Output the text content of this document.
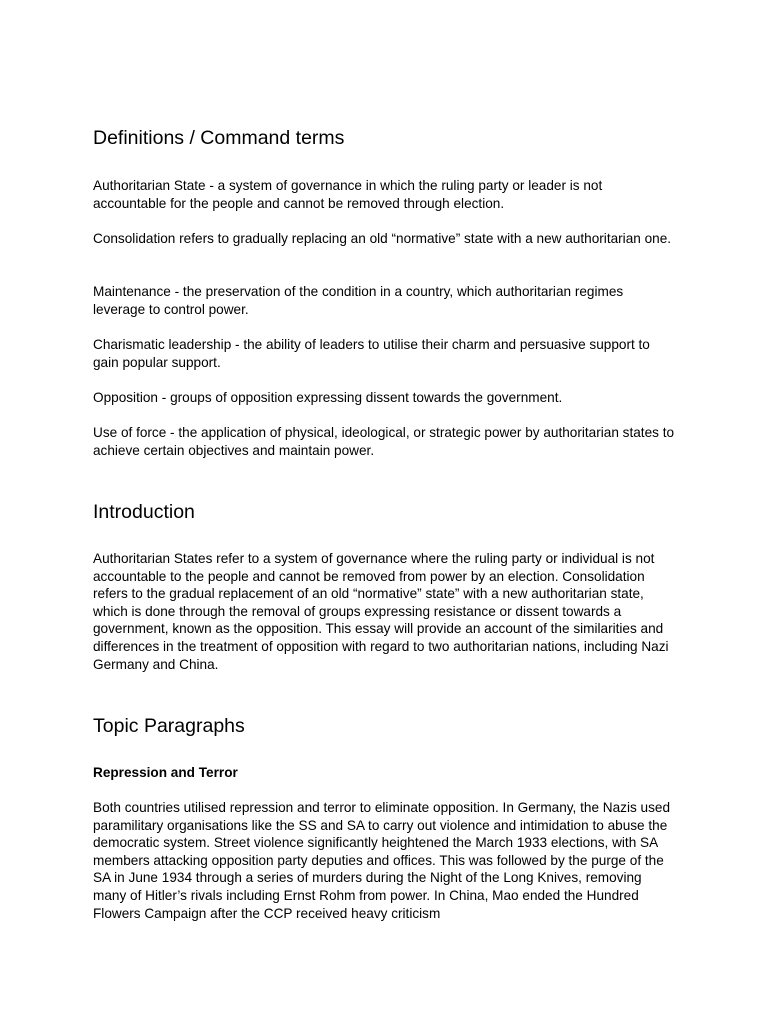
Definitions / Command terms

Authoritarian State - a system of governance in which the ruling party or leader is not accountable for the people and cannot be removed through election.

Consolidation refers to gradually replacing an old “normative” state with a new authoritarian one.

Maintenance - the preservation of the condition in a country, which authoritarian regimes leverage to control power.

Charismatic leadership - the ability of leaders to utilise their charm and persuasive support to gain popular support.

Opposition - groups of opposition expressing dissent towards the government.

Use of force - the application of physical, ideological, or strategic power by authoritarian states to achieve certain objectives and maintain power.

Introduction

Authoritarian States refer to a system of governance where the ruling party or individual is not accountable to the people and cannot be removed from power by an election. Consolidation refers to the gradual replacement of an old “normative” state” with a new authoritarian state, which is done through the removal of groups expressing resistance or dissent towards a government, known as the opposition. This essay will provide an account of the similarities and differences in the treatment of opposition with regard to two authoritarian nations, including Nazi Germany and China.

Topic Paragraphs

Repression and Terror

Both countries utilised repression and terror to eliminate opposition. In Germany, the Nazis used paramilitary organisations like the SS and SA to carry out violence and intimidation to abuse the democratic system. Street violence significantly heightened the March 1933 elections, with SA members attacking opposition party deputies and offices. This was followed by the purge of the SA in June 1934 through a series of murders during the Night of the Long Knives, removing many of Hitler’s rivals including Ernst Rohm from power. In China, Mao ended the Hundred Flowers Campaign after the CCP received heavy criticism
